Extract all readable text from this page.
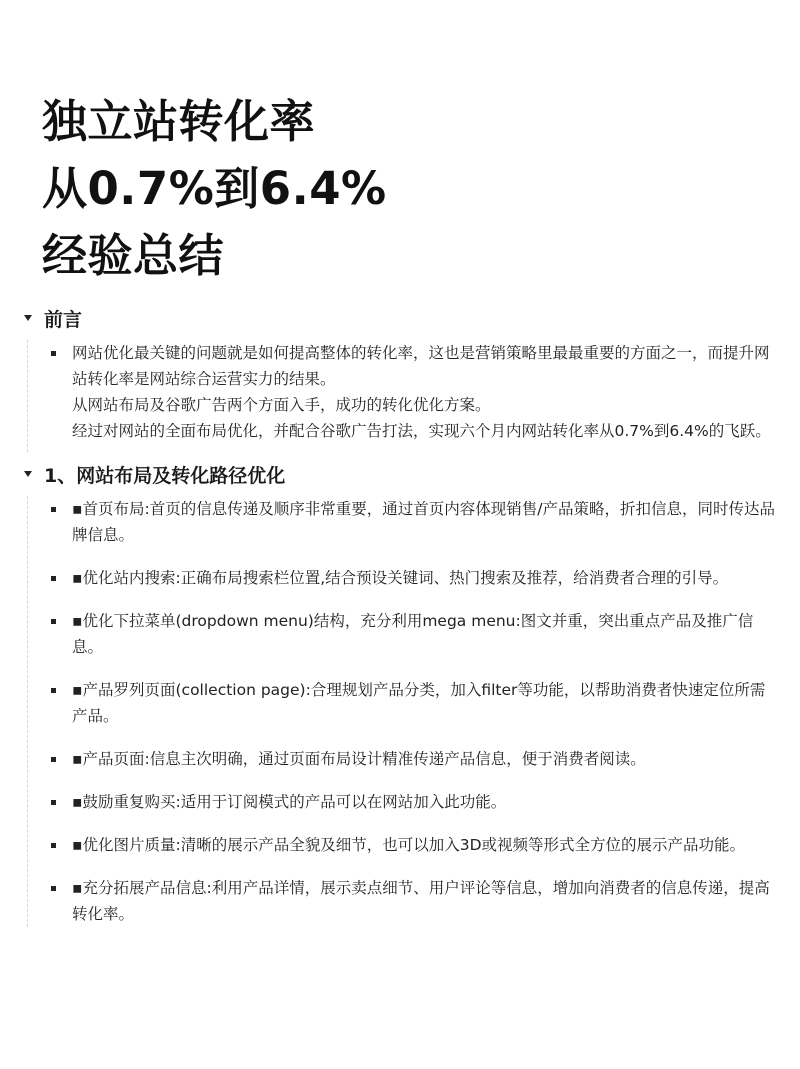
独立站转化率
从0.7%到6.4%
经验总结
前言

网站优化最关键的问题就是如何提高整体的转化率，这也是营销策略里最最重要的方面之一，而提升网站转化率是网站综合运营实力的结果。

从网站布局及谷歌广告两个方面入手，成功的转化优化方案。

经过对网站的全面布局优化，并配合谷歌广告打法，实现六个月内网站转化率从0.7%到6.4%的飞跃。

1、网站布局及转化路径优化

▪首页布局:首页的信息传递及顺序非常重要，通过首页内容体现销售/产品策略，折扣信息，同时传达品牌信息。

▪优化站内搜索:正确布局搜索栏位置,结合预设关键词、热门搜索及推荐，给消费者合理的引导。

▪优化下拉菜单(dropdown menu)结构，充分利用mega menu:图文并重，突出重点产品及推广信息。

▪产品罗列页面(collection page):合理规划产品分类，加入filter等功能，以帮助消费者快速定位所需产品。

▪产品页面:信息主次明确，通过页面布局设计精准传递产品信息，便于消费者阅读。

▪鼓励重复购买:适用于订阅模式的产品可以在网站加入此功能。

▪优化图片质量:清晰的展示产品全貌及细节，也可以加入3D或视频等形式全方位的展示产品功能。

▪充分拓展产品信息:利用产品详情，展示卖点细节、用户评论等信息，增加向消费者的信息传递，提高转化率。
